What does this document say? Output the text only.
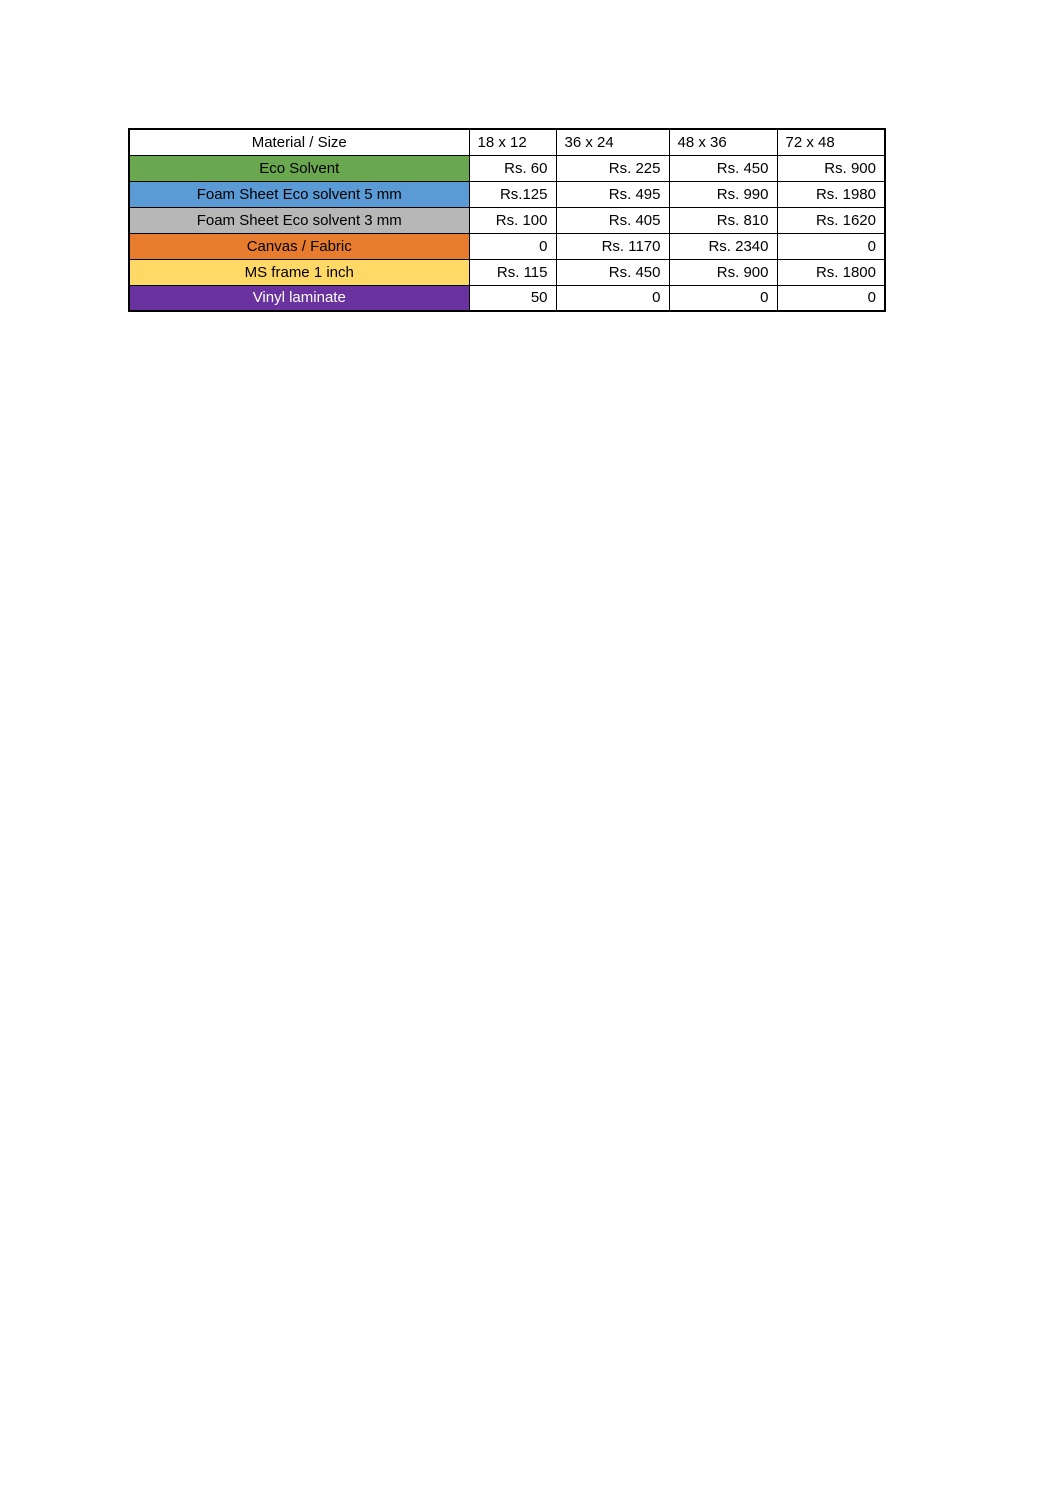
Material / Size	18 x 12	36 x 24	48 x 36	72 x 48
Eco Solvent	Rs. 60	Rs. 225	Rs. 450	Rs. 900
Foam Sheet Eco solvent 5 mm	Rs.125	Rs. 495	Rs. 990	Rs. 1980
Foam Sheet Eco solvent 3 mm	Rs. 100	Rs. 405	Rs. 810	Rs. 1620
Canvas / Fabric	0	Rs. 1170	Rs. 2340	0
MS frame 1 inch	Rs. 115	Rs. 450	Rs. 900	Rs. 1800
Vinyl laminate	50	0	0	0
